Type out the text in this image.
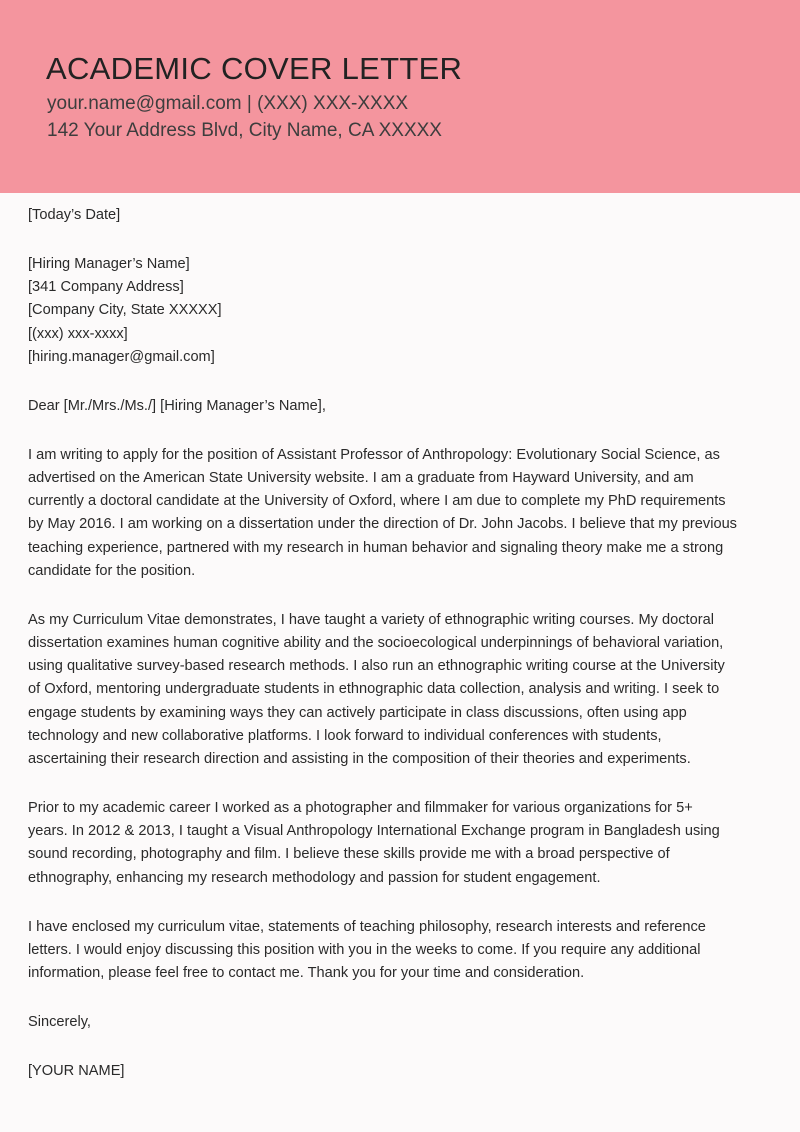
ACADEMIC COVER LETTER
your.name@gmail.com | (XXX) XXX-XXXX
142 Your Address Blvd, City Name, CA XXXXX

[Today’s Date]

[Hiring Manager’s Name]
[341 Company Address]
[Company City, State XXXXX]
[(xxx) xxx-xxxx]
[hiring.manager@gmail.com]

Dear [Mr./Mrs./Ms./] [Hiring Manager’s Name],

I am writing to apply for the position of Assistant Professor of Anthropology: Evolutionary Social Science, as
advertised on the American State University website. I am a graduate from Hayward University, and am
currently a doctoral candidate at the University of Oxford, where I am due to complete my PhD requirements
by May 2016. I am working on a dissertation under the direction of Dr. John Jacobs. I believe that my previous
teaching experience, partnered with my research in human behavior and signaling theory make me a strong
candidate for the position.

As my Curriculum Vitae demonstrates, I have taught a variety of ethnographic writing courses. My doctoral
dissertation examines human cognitive ability and the socioecological underpinnings of behavioral variation,
using qualitative survey-based research methods. I also run an ethnographic writing course at the University
of Oxford, mentoring undergraduate students in ethnographic data collection, analysis and writing. I seek to
engage students by examining ways they can actively participate in class discussions, often using app
technology and new collaborative platforms. I look forward to individual conferences with students,
ascertaining their research direction and assisting in the composition of their theories and experiments.

Prior to my academic career I worked as a photographer and filmmaker for various organizations for 5+
years. In 2012 & 2013, I taught a Visual Anthropology International Exchange program in Bangladesh using
sound recording, photography and film. I believe these skills provide me with a broad perspective of
ethnography, enhancing my research methodology and passion for student engagement.

I have enclosed my curriculum vitae, statements of teaching philosophy, research interests and reference
letters. I would enjoy discussing this position with you in the weeks to come. If you require any additional
information, please feel free to contact me. Thank you for your time and consideration.

Sincerely,

[YOUR NAME]
